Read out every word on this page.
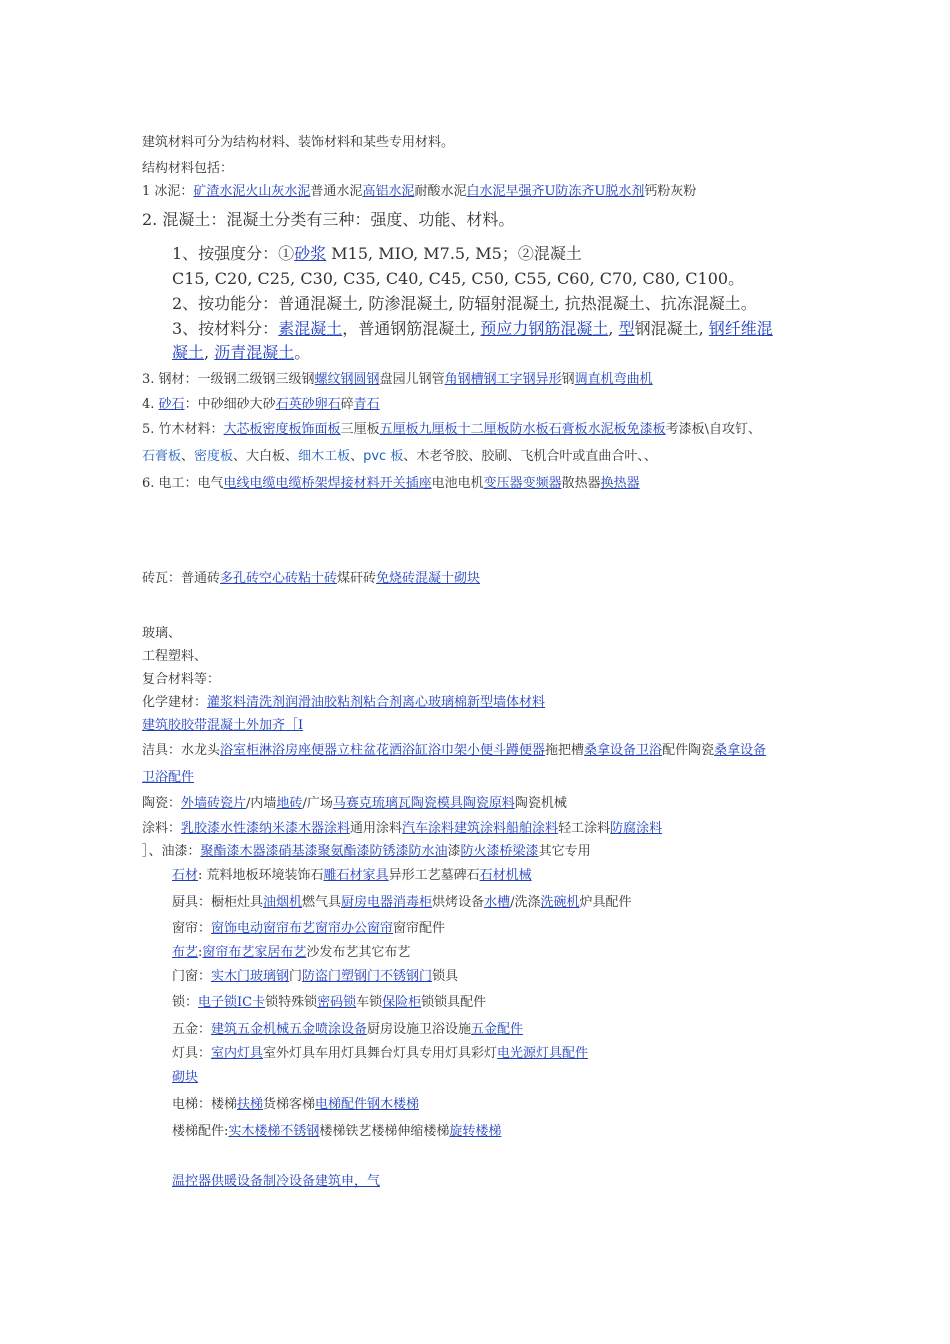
建筑材料可分为结构材料、装饰材料和某些专用材料。
结构材料包括：
1 冰泥：矿渣水泥火山灰水泥普通水泥高铝水泥耐酸水泥白水泥早强齐U防冻齐U脱水剂钙粉灰粉
2. 混凝土：混凝土分类有三种：强度、功能、材料。
1、按强度分：①砂浆 M15, MIO, M7.5, M5；②混凝土
C15, C20, C25, C30, C35, C40, C45, C50, C55, C60, C70, C80, C100。
2、按功能分：普通混凝土, 防渗混凝土, 防辐射混凝土, 抗热混凝土、抗冻混凝土。
3、按材料分：素混凝土，普通钢筋混凝土, 预应力钢筋混凝土, 型钢混凝土, 钢纤维混
凝土, 沥青混凝土。
3. 钢材：一级钢二级钢三级钢螺纹钢圆钢盘园儿钢管角钢槽钢工字钢异形钢调直机弯曲机
4. 砂石：中砂细砂大砂石英砂卵石碎青石
5. 竹木材料：大芯板密度板饰面板三厘板五厘板九厘板十二厘板防水板石膏板水泥板免漆板考漆板\自攻钉、
石膏板、密度板、大白板、细木工板、pvc 板、木老爷胶、胶刷、飞机合叶或直曲合叶、、
6. 电工：电气电线电缆电缆桥架焊接材料开关插座电池电机变压器变频器散热器换热器
砖瓦：普通砖多孔砖空心砖粘十砖煤矸砖免烧砖混凝十砌块
玻璃、
工程塑料、
复合材料等：
化学建材：灌浆料清洗剂润滑油胶粘剂粘合剂离心玻璃棉新型墙体材料
建筑胶胶带混凝土外加齐［I
洁具：水龙头浴室柜淋浴房座便器立柱盆花洒浴缸浴巾架小便斗蹲便器拖把槽桑拿设备卫浴配件陶瓷桑拿设备
卫浴配件
陶瓷：外墙砖瓷片/内墙地砖/广场马赛克琉璃瓦陶瓷模具陶瓷原料陶瓷机械
涂料：乳胶漆水性漆纳米漆木器涂料通用涂料汽车涂料建筑涂料船舶涂料轻工涂料防腐涂料
］、油漆：聚酯漆木器漆硝基漆聚氨酯漆防锈漆防水油漆防火漆桥梁漆其它专用
石材: 荒料地板环境装饰石雕石材家具异形工艺墓碑石石材机械
厨具：橱柜灶具油烟机燃气具厨房电器消毒柜烘烤设备水槽/洗涤洗碗机炉具配件
窗帘：窗饰电动窗帘布艺窗帘办公窗帘窗帘配件
布艺:窗帘布艺家居布艺沙发布艺其它布艺
门窗：实木门玻璃钢门防盗门塑钢门不锈钢门锁具
锁：电子锁IC卡锁特殊锁密码锁车锁保险柜锁锁具配件
五金：建筑五金机械五金喷涂设备厨房设施卫浴设施五金配件
灯具：室内灯具室外灯具车用灯具舞台灯具专用灯具彩灯电光源灯具配件
砌块
电梯：楼梯扶梯货梯客梯电梯配件钢木楼梯
楼梯配件:实木楼梯不锈钢楼梯铁艺楼梯伸缩楼梯旋转楼梯
温控器供暖设备制冷设备建筑申，气
